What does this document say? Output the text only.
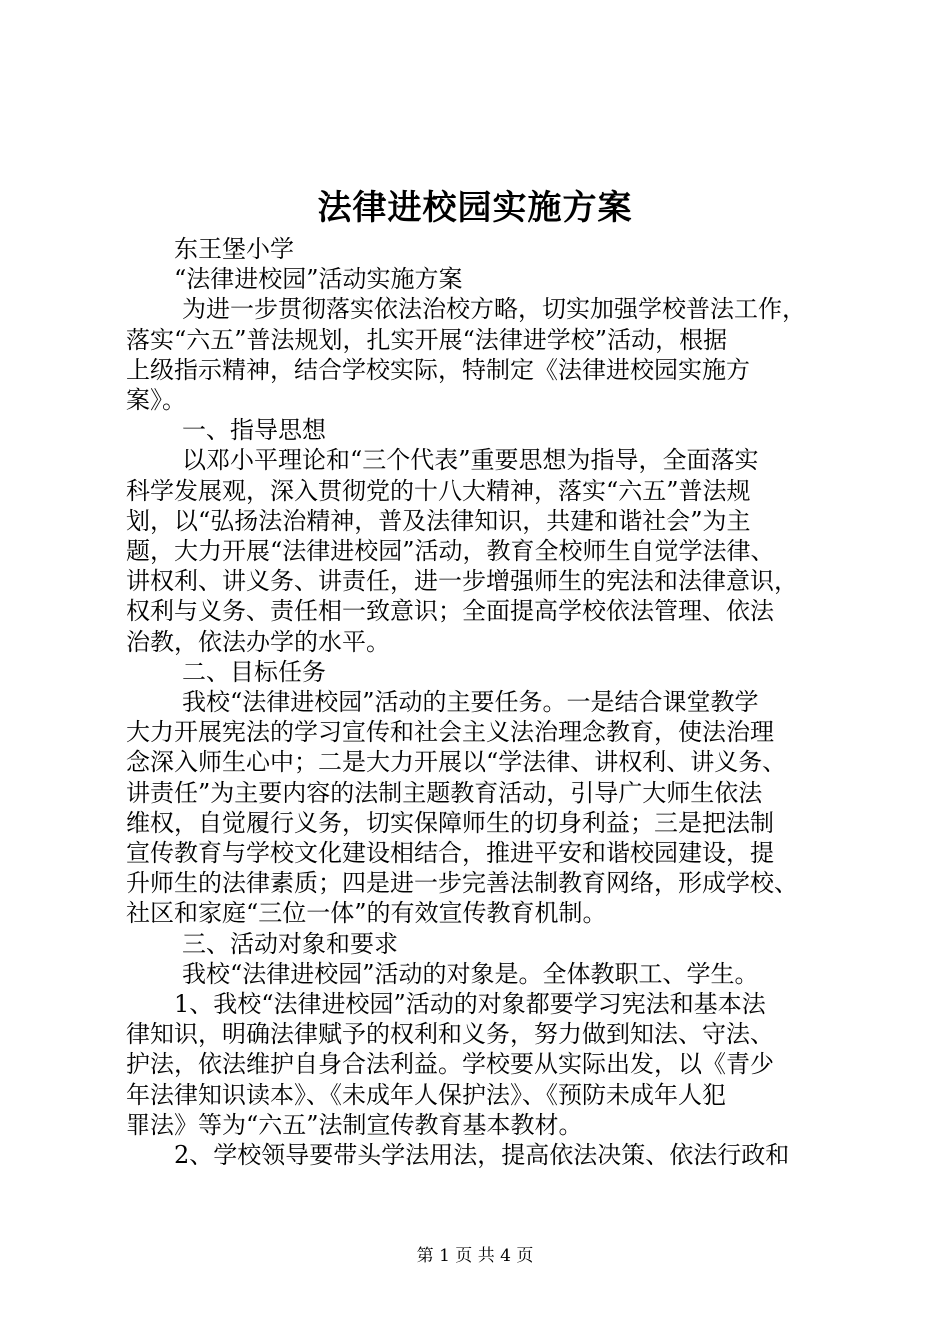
法律进校园实施方案
东王堡小学
“法律进校园”活动实施方案
为进一步贯彻落实依法治校方略，切实加强学校普法工作，
落实“六五”普法规划，扎实开展“法律进学校”活动，根据
上级指示精神，结合学校实际，特制定《法律进校园实施方
案》。
一、指导思想
以邓小平理论和“三个代表”重要思想为指导，全面落实
科学发展观，深入贯彻党的十八大精神，落实“六五”普法规
划，以“弘扬法治精神，普及法律知识，共建和谐社会”为主
题，大力开展“法律进校园”活动，教育全校师生自觉学法律、
讲权利、讲义务、讲责任，进一步增强师生的宪法和法律意识，
权利与义务、责任相一致意识；全面提高学校依法管理、依法
治教，依法办学的水平。
二、目标任务
我校“法律进校园”活动的主要任务。一是结合课堂教学
大力开展宪法的学习宣传和社会主义法治理念教育，使法治理
念深入师生心中；二是大力开展以“学法律、讲权利、讲义务、
讲责任”为主要内容的法制主题教育活动，引导广大师生依法
维权，自觉履行义务，切实保障师生的切身利益；三是把法制
宣传教育与学校文化建设相结合，推进平安和谐校园建设，提
升师生的法律素质；四是进一步完善法制教育网络，形成学校、
社区和家庭“三位一体”的有效宣传教育机制。
三、活动对象和要求
我校“法律进校园”活动的对象是。全体教职工、学生。
1、我校“法律进校园”活动的对象都要学习宪法和基本法
律知识，明确法律赋予的权利和义务，努力做到知法、守法、
护法，依法维护自身合法利益。学校要从实际出发，以《青少
年法律知识读本》、《未成年人保护法》、《预防未成年人犯
罪法》等为“六五”法制宣传教育基本教材。
2、学校领导要带头学法用法，提高依法决策、依法行政和
第 1 页 共 4 页
